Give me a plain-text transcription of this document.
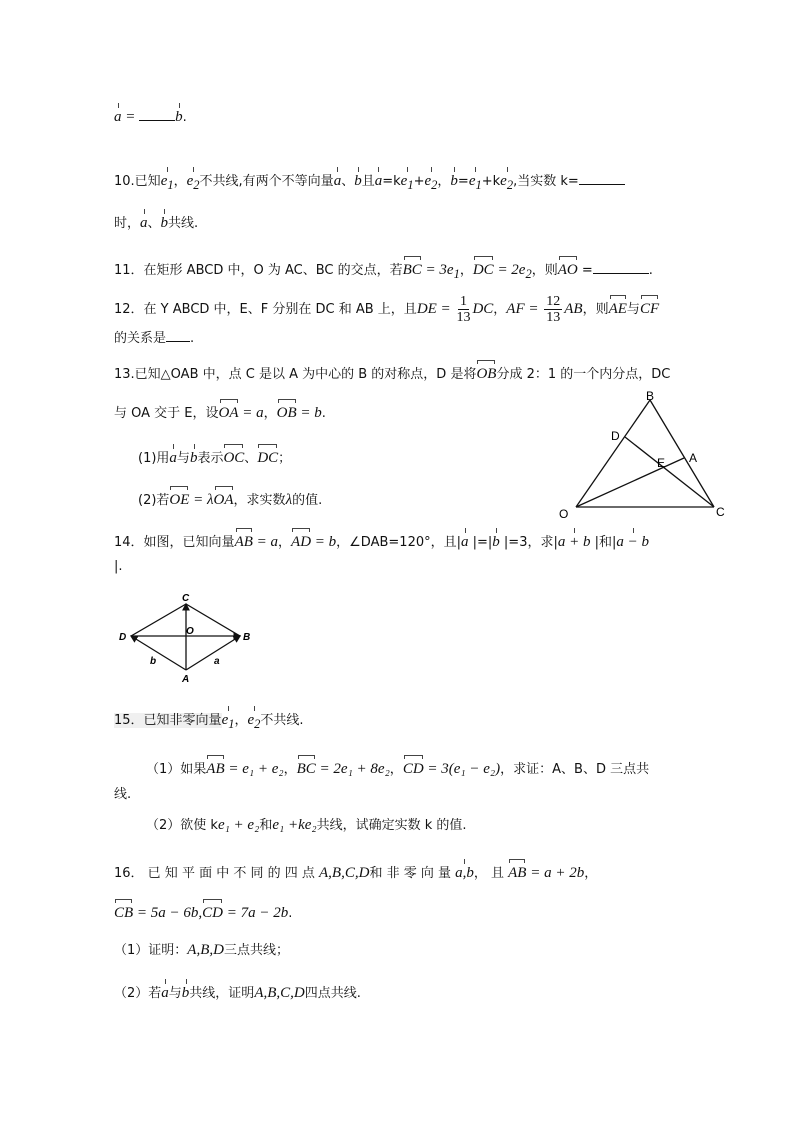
a = b.
10.已知$e_1$，$e_2$不共线,有两个不等向量a、b且$a=ke_1+e_2$，$b=e_1+ke_2$,当实数 k=
时，a、b共线.
11．在矩形 ABCD 中，O 为 AC、BC 的交点，若BC = $3e_1$，DC = $2e_2$，则AO =	.
12．在 Y ABCD 中，E、F 分别在 DC 和 AB 上，且DE = $\frac{1}{13}$ DC，AF = $\frac{12}{13}$ AB，则AE与CF
的关系是 .
13.已知△OAB 中，点 C 是以 A 为中心的 B 的对称点，D 是将OB分成 2：1 的一个内分点，DC
与 OA 交于 E，设OA = a，OB = b.
(1)用a与b表示OC、DC；
(2)若OE = λOA，求实数λ的值.
B
D
E A
O	C
14．如图，已知向量AB = a，AD = b，∠DAB=120°，且|a |=|b |=3，求|a + b |和|a − b
|.
C
O
D	B
b	a
A
15．已知非零向量$e_1$，$e_2$不共线.
（1）如果AB = e₁ + e₂，BC = 2e₁ + 8e₂，CD = 3(e₁ − e₂)，求证：A、B、D 三点共
线.
（2）欲使 ke₁ + e₂和e₁ +ke₂共线，试确定实数 k 的值.
16． 已 知 平 面 中 不 同 的 四 点 A,B,C,D和 非 零 向 量 a,b， 且 AB = a + 2b，
CB = 5a − 6b,CD = 7a − 2b.
（1）证明：A,B,D三点共线；
（2）若a与b共线，证明A,B,C,D四点共线.
